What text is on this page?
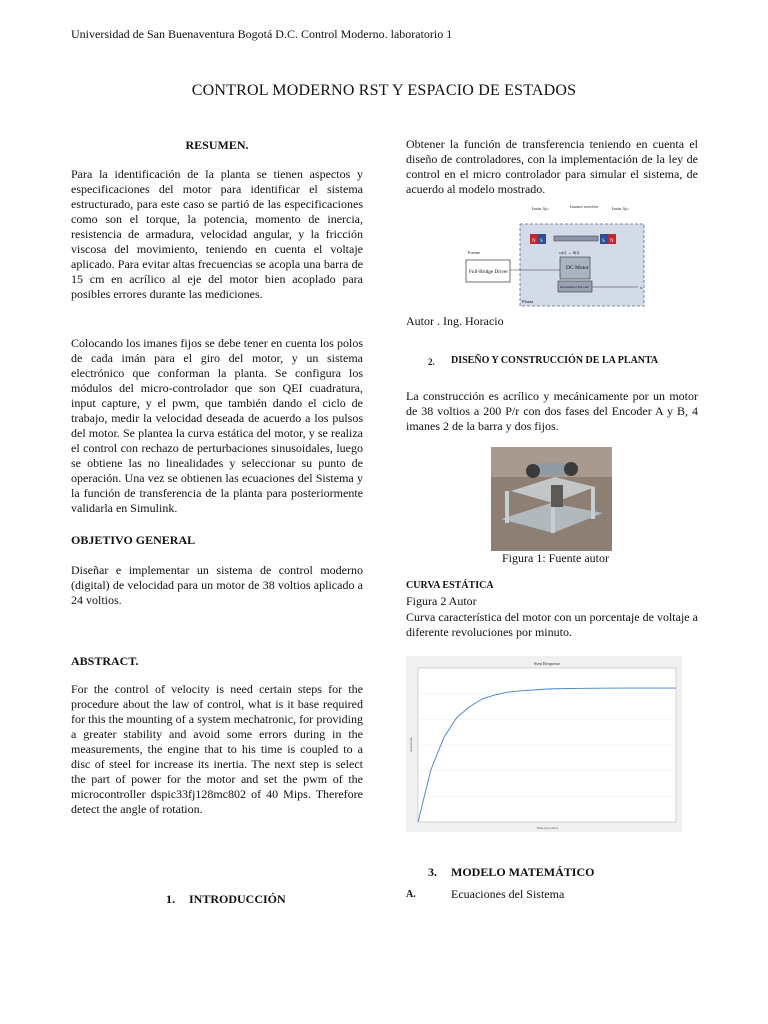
Universidad de San Buenaventura Bogotá D.C. Control Moderno. laboratorio 1
CONTROL MODERNO RST Y ESPACIO DE ESTADOS

RESUMEN.

Para la identificación de la planta se tienen aspectos y especificaciones del motor para identificar el sistema estructurado, para este caso se partió de las especificaciones como son el torque, la potencia, momento de inercia, resistencia de armadura, velocidad angular, y la fricción viscosa del movimiento, teniendo en cuenta el voltaje aplicado. Para evitar altas frecuencias se acopla una barra de 15 cm en acrílico al eje del motor bien acoplado para posibles errores durante las mediciones.

Colocando los imanes fijos se debe tener en cuenta los polos de cada imán para el giro del motor, y un sistema electrónico que conforman la planta. Se configura los módulos del micro-controlador que son QEI cuadratura, input capture, y el pwm, que también dando el ciclo de trabajo, medir la velocidad deseada de acuerdo a los pulsos del motor. Se plantea la curva estática del motor, y se realiza el control con rechazo de perturbaciones sinusoidales, luego se obtiene las no linealidades y seleccionar su punto de operación. Una vez se obtienen las ecuaciones del Sistema y la función de transferencia de la planta para posteriormente validarla en Simulink.

OBJETIVO GENERAL

Diseñar e implementar un sistema de control moderno (digital) de velocidad para un motor de 38 voltios aplicado a 24 voltios.

ABSTRACT.

For the control of velocity is need certain steps for the procedure about the law of control, what is it base required for this the mounting of a system mechatronic, for providing a greater stability and avoid some errors during in the measurements, the engine that to his time is coupled to a disc of steel for increase its inertia. The next step is select the part of power for the motor and set the pwm of the microcontroller dspic33fj128mc802 of 40 Mips. Therefore detect the angle of rotation.

1. INTRODUCCIÓN

Obtener la función de transferencia teniendo en cuenta el diseño de controladores, con la implementación de la ley de control en el micro controlador para simular el sistema, de acuerdo al modelo mostrado.

Imán fijo	Imanes móviles	Imán fijo
N S	S N
ω(t) → θ(t)
DC Motor
Incremental Encoder
Planta
Fuente
Full-Bridge Driver
x

Autor . Ing. Horacio

2. DISEÑO Y CONSTRUCCIÓN DE LA PLANTA

La construcción es acrílico y mecánicamente por un motor de 38 voltios a 200 P/r con dos fases del Encoder A y B, 4 imanes 2 de la barra y dos fijos.

Figura 1: Fuente autor

CURVA ESTÁTICA

Figura 2 Autor

Curva característica del motor con un porcentaje de voltaje a diferente revoluciones por minuto.

Step Response
Time (seconds)
Amplitude

3. MODELO MATEMÁTICO

A.	Ecuaciones del Sistema
